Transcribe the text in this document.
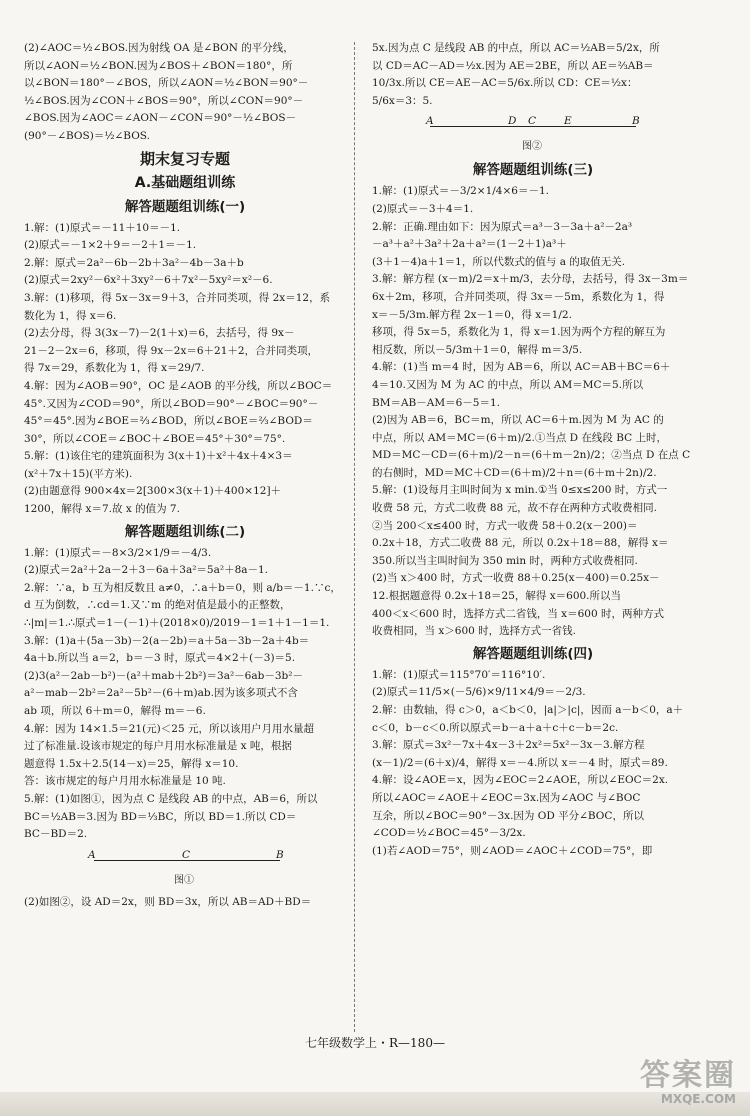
(2)∠AOC＝½∠BOS.因为射线 OA 是∠BON 的平分线，
所以∠AON＝½∠BON.因为∠BOS＋∠BON＝180°，所
以∠BON＝180°－∠BOS，所以∠AON＝½∠BON＝90°－
½∠BOS.因为∠CON＋∠BOS＝90°，所以∠CON＝90°－
∠BOS.因为∠AOC＝∠AON－∠CON＝90°－½∠BOS－
(90°－∠BOS)＝½∠BOS.
期末复习专题
A.基础题组训练
解答题题组训练(一)
1.解：(1)原式＝－11＋10＝－1.
(2)原式＝－1×2＋9＝－2＋1＝－1.
2.解：原式＝2a²－6b－2b＋3a²－4b－3a＋b
(2)原式＝2xy²－6x²＋3xy²－6＋7x²－5xy²＝x²－6.
3.解：(1)移项，得 5x－3x＝9＋3，合并同类项，得 2x＝12，系
数化为 1，得 x＝6.
(2)去分母，得 3(3x－7)－2(1＋x)＝6，去括号，得 9x－
21－2－2x＝6，移项，得 9x－2x＝6＋21＋2，合并同类项，
得 7x＝29，系数化为 1，得 x＝29/7.
4.解：因为∠AOB＝90°，OC 是∠AOB 的平分线，所以∠BOC＝
45°.又因为∠COD＝90°，所以∠BOD＝90°－∠BOC＝90°－
45°＝45°.因为∠BOE＝⅔∠BOD，所以∠BOE＝⅔∠BOD＝
30°，所以∠COE＝∠BOC＋∠BOE＝45°＋30°＝75°.
5.解：(1)该住宅的建筑面积为 3(x＋1)＋x²＋4x＋4×3＝
(x²＋7x＋15)(平方米).
(2)由题意得 900×4x＝2[300×3(x＋1)＋400×12]＋
1200，解得 x＝7.故 x 的值为 7.
解答题题组训练(二)
1.解：(1)原式＝－8×3/2×1/9＝－4/3.
(2)原式＝2a²＋2a－2＋3－6a＋3a²＝5a²＋8a－1.
2.解：∵a，b 互为相反数且 a≠0，∴a＋b＝0，则 a/b＝－1.∵c，
d 互为倒数，∴cd＝1.又∵m 的绝对值是最小的正整数，
∴|m|＝1.∴原式＝1－(－1)＋(2018×0)/2019－1＝1＋1－1＝1.
3.解：(1)a＋(5a－3b)－2(a－2b)＝a＋5a－3b－2a＋4b＝
4a＋b.所以当 a＝2，b＝－3 时，原式＝4×2＋(－3)＝5.
(2)3(a²－2ab－b²)－(a²＋mab＋2b²)＝3a²－6ab－3b²－
a²－mab－2b²＝2a²－5b²－(6＋m)ab.因为该多项式不含
ab 项，所以 6＋m＝0，解得 m＝－6.
4.解：因为 14×1.5＝21(元)＜25 元，所以该用户月用水量超
过了标准量.设该市规定的每户月用水标准量是 x 吨，根据
题意得 1.5x＋2.5(14－x)＝25，解得 x＝10.
答：该市规定的每户月用水标准量是 10 吨.
5.解：(1)如图①，因为点 C 是线段 AB 的中点，AB＝6，所以
BC＝½AB＝3.因为 BD＝⅓BC，所以 BD＝1.所以 CD＝
BC－BD＝2.
A	C	B
图①
(2)如图②，设 AD＝2x，则 BD＝3x，所以 AB＝AD＋BD＝
5x.因为点 C 是线段 AB 的中点，所以 AC＝½AB＝5/2x，所
以 CD＝AC－AD＝½x.因为 AE＝2BE，所以 AE＝⅔AB＝
10/3x.所以 CE＝AE－AC＝5/6x.所以 CD：CE＝½x：
5/6x＝3：5.
A	D C	E	B
图②
解答题题组训练(三)
1.解：(1)原式＝－3/2×1/4×6＝－1.
(2)原式＝－3＋4＝1.
2.解：正确.理由如下：因为原式＝a³－3－3a＋a²－2a³
－a³＋a²＋3a²＋2a＋a²＝(1－2＋1)a³＋
(3＋1－4)a＋1＝1，所以代数式的值与 a 的取值无关.
3.解：解方程 (x－m)/2＝x＋m/3，去分母，去括号，得 3x－3m＝
6x＋2m，移项，合并同类项，得 3x＝－5m，系数化为 1，得
x＝－5/3m.解方程 2x－1＝0，得 x＝1/2.
移项，得 5x＝5，系数化为 1，得 x＝1.因为两个方程的解互为
相反数，所以－5/3m＋1＝0，解得 m＝3/5.
4.解：(1)当 m＝4 时，因为 AB＝6，所以 AC＝AB＋BC＝6＋
4＝10.又因为 M 为 AC 的中点，所以 AM＝MC＝5.所以
BM＝AB－AM＝6－5＝1.
(2)因为 AB＝6，BC＝m，所以 AC＝6＋m.因为 M 为 AC 的
中点，所以 AM＝MC＝(6＋m)/2.①当点 D 在线段 BC 上时，
MD＝MC－CD＝(6＋m)/2－n＝(6＋m－2n)/2；②当点 D 在点 C
的右侧时，MD＝MC＋CD＝(6＋m)/2＋n＝(6＋m＋2n)/2.
5.解：(1)设每月主叫时间为 x min.①当 0≤x≤200 时，方式一
收费 58 元，方式二收费 88 元，故不存在两种方式收费相同.
②当 200＜x≤400 时，方式一收费 58＋0.2(x－200)＝
0.2x＋18，方式二收费 88 元，所以 0.2x＋18＝88，解得 x＝
350.所以当主叫时间为 350 min 时，两种方式收费相同.
(2)当 x＞400 时，方式一收费 88＋0.25(x－400)＝0.25x－
12.根据题意得 0.2x＋18＝25，解得 x＝600.所以当
400＜x＜600 时，选择方式二省钱，当 x＝600 时，两种方式
收费相同，当 x＞600 时，选择方式一省钱.
解答题题组训练(四)
1.解：(1)原式＝115°70′＝116°10′.
(2)原式＝11/5×(－5/6)×9/11×4/9＝－2/3.
2.解：由数轴，得 c＞0，a＜b＜0，|a|＞|c|，因而 a－b＜0，a＋
c＜0，b－c＜0.所以原式＝b－a＋a＋c＋c－b＝2c.
3.解：原式＝3x²－7x＋4x－3＋2x²＝5x²－3x－3.解方程
(x－1)/2＝(6＋x)/4，解得 x＝－4.所以 x＝－4 时，原式＝89.
4.解：设∠AOE＝x，因为∠EOC＝2∠AOE，所以∠EOC＝2x.
所以∠AOC＝∠AOE＋∠EOC＝3x.因为∠AOC 与∠BOC
互余，所以∠BOC＝90°－3x.因为 OD 平分∠BOC，所以
∠COD＝½∠BOC＝45°－3/2x.
(1)若∠AOD＝75°，则∠AOD＝∠AOC＋∠COD＝75°，即
七年级数学上・R—180—
答案圈
MXQE.COM
